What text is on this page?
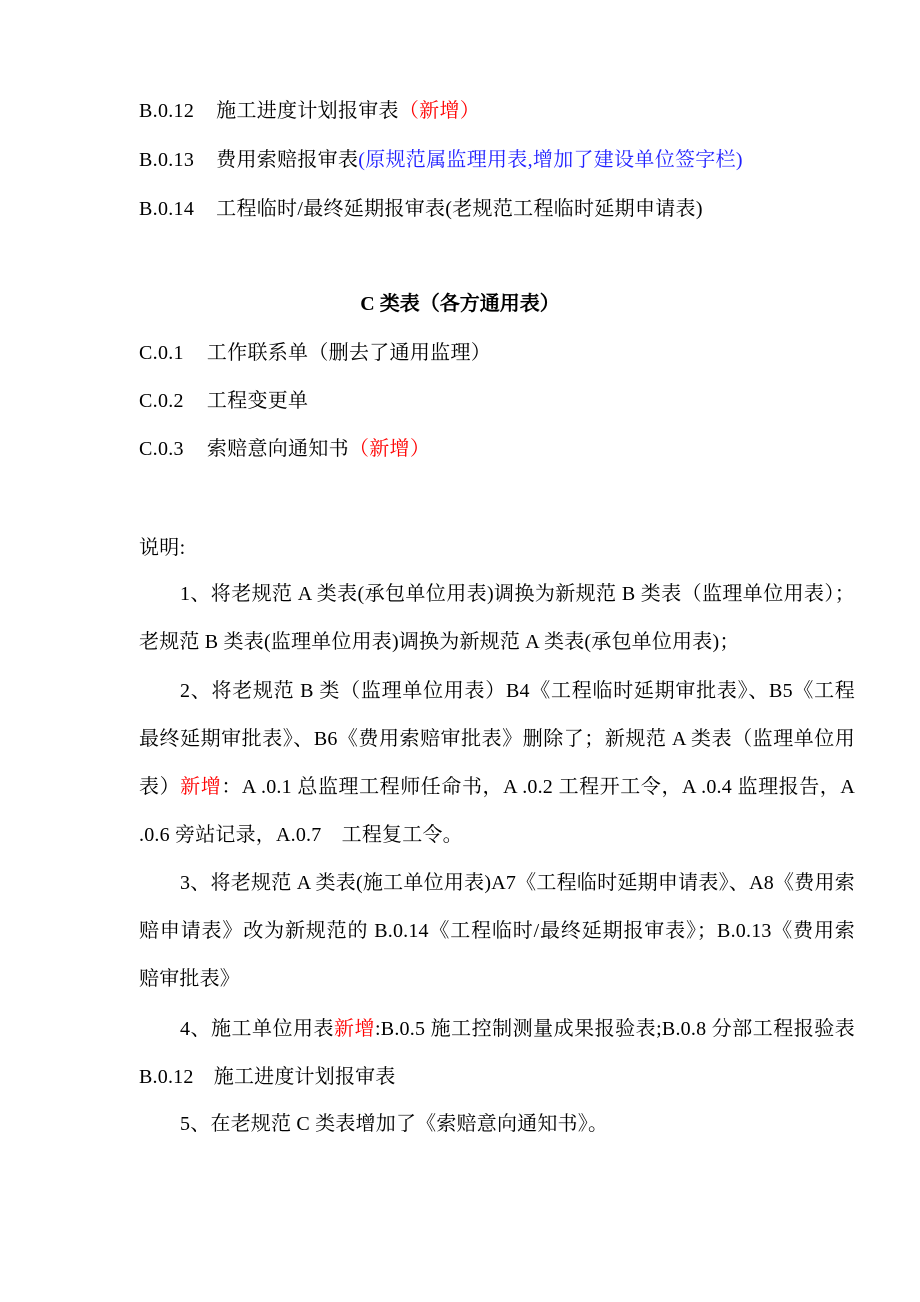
B.0.12 施工进度计划报审表（新增）
B.0.13 费用索赔报审表(原规范属监理用表,增加了建设单位签字栏)
B.0.14 工程临时/最终延期报审表(老规范工程临时延期申请表)
C 类表（各方通用表）
C.0.1 工作联系单（删去了通用监理）
C.0.2 工程变更单
C.0.3 索赔意向通知书（新增）
说明:
1、将老规范 A 类表(承包单位用表)调换为新规范 B 类表（监理单位用表）；老规范 B 类表(监理单位用表)调换为新规范 A 类表(承包单位用表)；
2、将老规范 B 类（监理单位用表）B4《工程临时延期审批表》、B5《工程最终延期审批表》、B6《费用索赔审批表》删除了；新规范 A 类表（监理单位用表）新增：A .0.1 总监理工程师任命书，A .0.2 工程开工令，A .0.4 监理报告，A .0.6 旁站记录，A.0.7　工程复工令。
3、将老规范 A 类表(施工单位用表)A7《工程临时延期申请表》、A8《费用索赔申请表》改为新规范的 B.0.14《工程临时/最终延期报审表》；B.0.13《费用索赔审批表》
4、施工单位用表新增:B.0.5 施工控制测量成果报验表;B.0.8 分部工程报验表 B.0.12　施工进度计划报审表
5、在老规范 C 类表增加了《索赔意向通知书》。
